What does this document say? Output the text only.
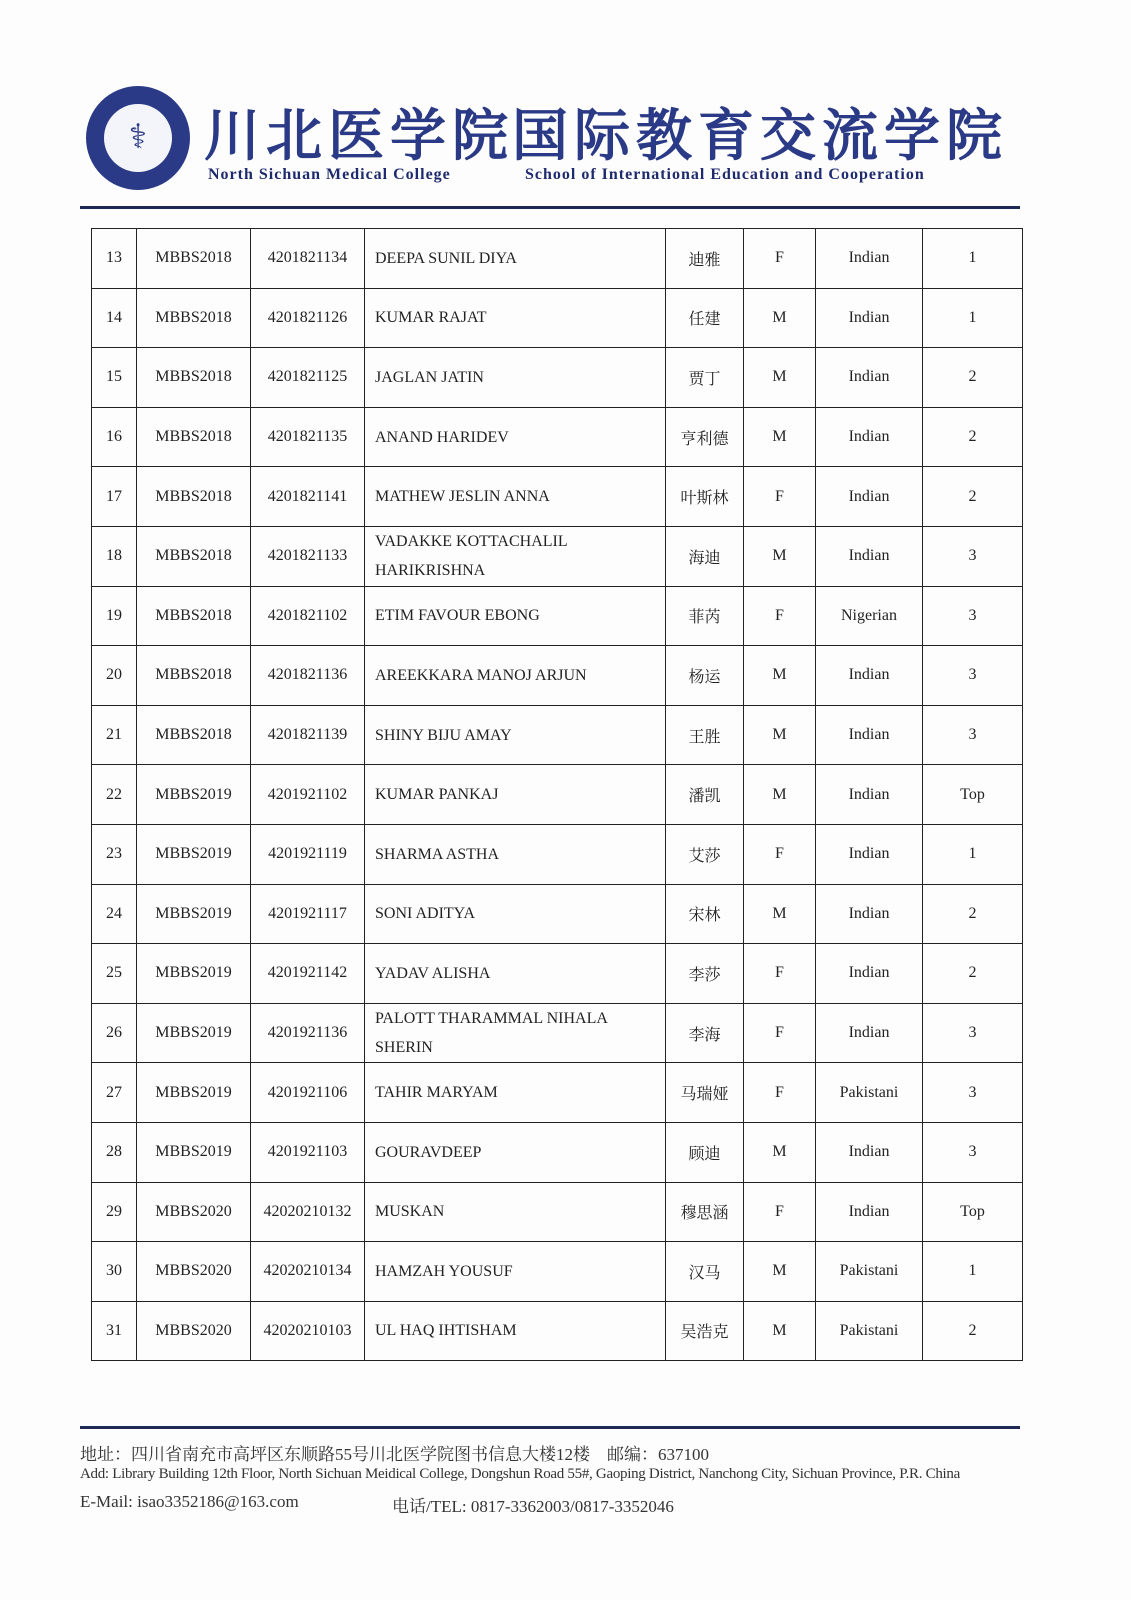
⚕	川北医学院
国际教育交流学院
North Sichuan Medical College	School of International Education and Cooperation
13	MBBS2018	4201821134	DEEPA SUNIL DIYA	迪雅	F	Indian	1
14	MBBS2018	4201821126	KUMAR RAJAT	任建	M	Indian	1
15	MBBS2018	4201821125	JAGLAN JATIN	贾丁	M	Indian	2
16	MBBS2018	4201821135	ANAND HARIDEV	亨利德	M	Indian	2
17	MBBS2018	4201821141	MATHEW JESLIN ANNA	叶斯林	F	Indian	2
18	MBBS2018	4201821133	VADAKKE KOTTACHALIL HARIKRISHNA	海迪	M	Indian	3
19	MBBS2018	4201821102	ETIM FAVOUR EBONG	菲芮	F	Nigerian	3
20	MBBS2018	4201821136	AREEKKARA MANOJ ARJUN	杨运	M	Indian	3
21	MBBS2018	4201821139	SHINY BIJU AMAY	王胜	M	Indian	3
22	MBBS2019	4201921102	KUMAR PANKAJ	潘凯	M	Indian	Top
23	MBBS2019	4201921119	SHARMA ASTHA	艾莎	F	Indian	1
24	MBBS2019	4201921117	SONI ADITYA	宋林	M	Indian	2
25	MBBS2019	4201921142	YADAV ALISHA	李莎	F	Indian	2
26	MBBS2019	4201921136	PALOTT THARAMMAL NIHALA SHERIN	李海	F	Indian	3
27	MBBS2019	4201921106	TAHIR MARYAM	马瑞娅	F	Pakistani	3
28	MBBS2019	4201921103	GOURAVDEEP	顾迪	M	Indian	3
29	MBBS2020	42020210132	MUSKAN	穆思涵	F	Indian	Top
30	MBBS2020	42020210134	HAMZAH YOUSUF	汉马	M	Pakistani	1
31	MBBS2020	42020210103	UL HAQ IHTISHAM	吴浩克	M	Pakistani	2
地址：四川省南充市高坪区东顺路55号川北医学院图书信息大楼12楼　邮编：637100
Add: Library Building 12th Floor, North Sichuan Meidical College, Dongshun Road 55#, Gaoping District, Nanchong City, Sichuan Province, P.R. China
E-Mail: isao3352186@163.com	电话/TEL: 0817-3362003/0817-3352046
